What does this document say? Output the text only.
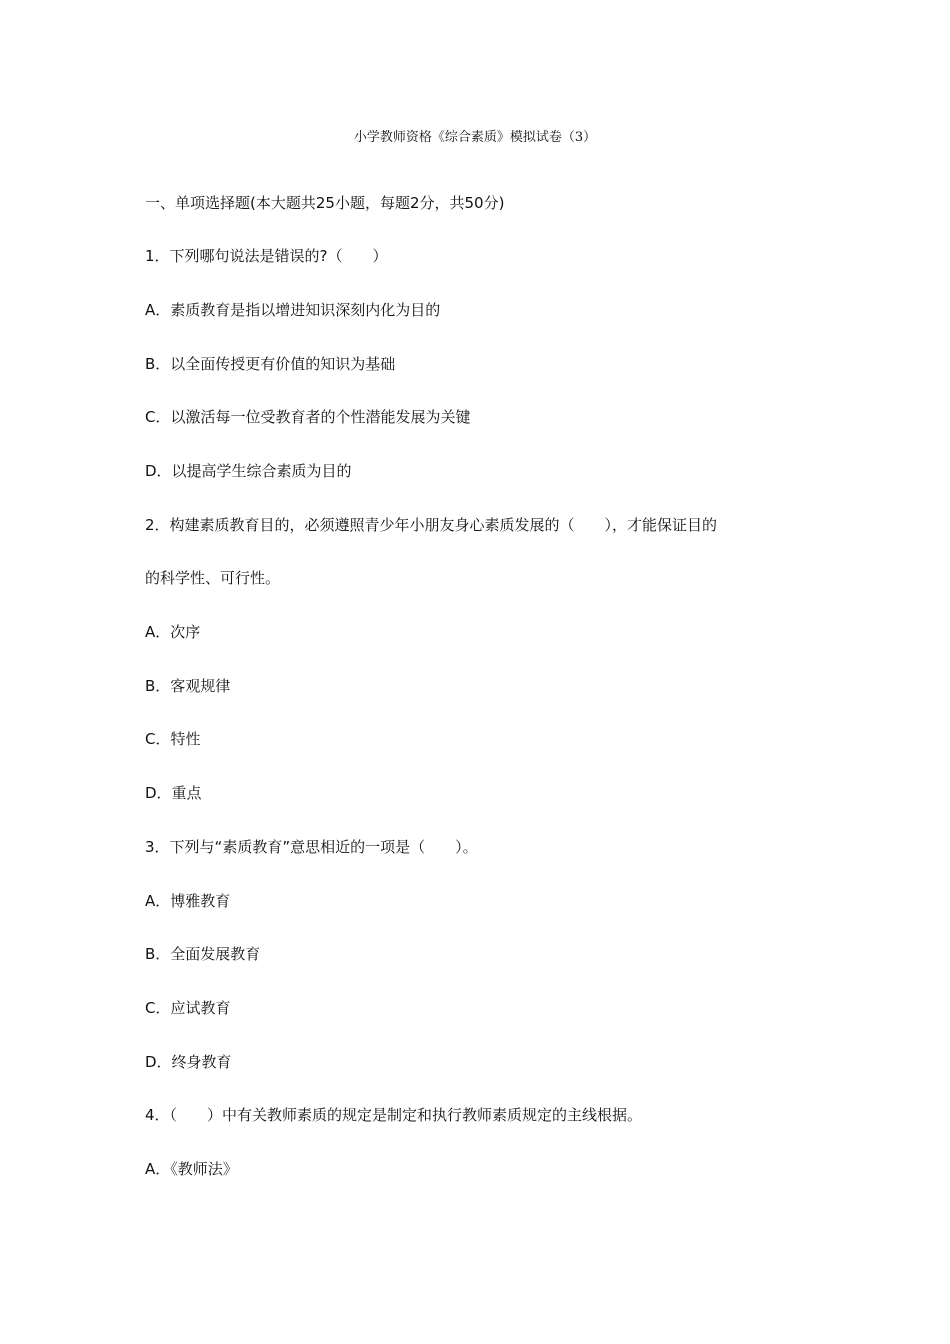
小学教师资格《综合素质》模拟试卷（3）
一、单项选择题(本大题共25小题，每题2分，共50分)
1．下列哪句说法是错误的?（　　）
A．素质教育是指以增进知识深刻内化为目的
B．以全面传授更有价值的知识为基础
C．以激活每一位受教育者的个性潜能发展为关键
D．以提高学生综合素质为目的
2．构建素质教育目的，必须遵照青少年小朋友身心素质发展的（　　），才能保证目的
的科学性、可行性。
A．次序
B．客观规律
C．特性
D．重点
3．下列与“素质教育”意思相近的一项是（　　）。
A．博雅教育
B．全面发展教育
C．应试教育
D．终身教育
4．（　　）中有关教师素质的规定是制定和执行教师素质规定的主线根据。
A．《教师法》
